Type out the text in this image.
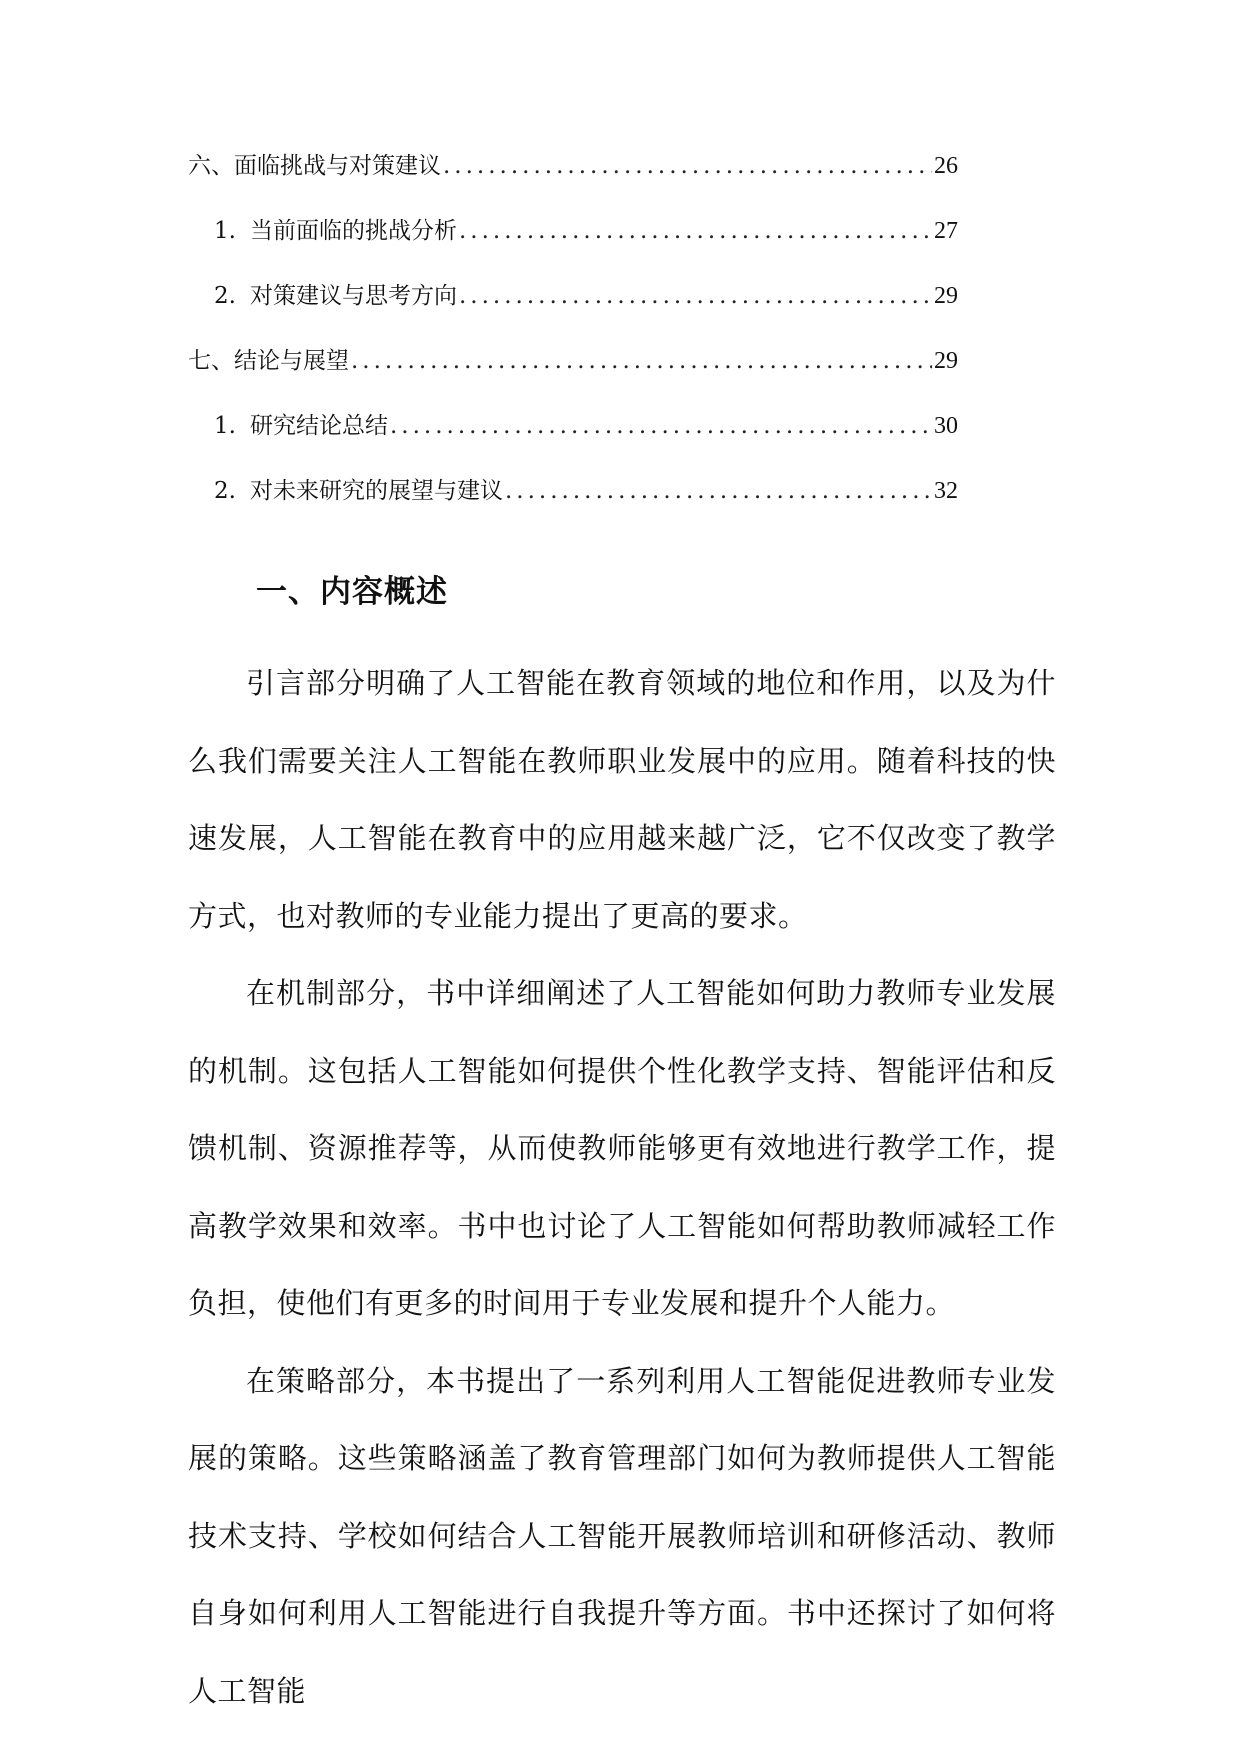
六、面临挑战与对策建议 .....	26
1. 当前面临的挑战分析 .....	27
2. 对策建议与思考方向 .....	29
七、结论与展望 .....	29
1. 研究结论总结 .....	30
2. 对未来研究的展望与建议 .....	32
一、内容概述

引言部分明确了人工智能在教育领域的地位和作用，以及为什么我们需要关注人工智能在教师职业发展中的应用。随着科技的快速发展，人工智能在教育中的应用越来越广泛，它不仅改变了教学方式，也对教师的专业能力提出了更高的要求。

在机制部分，书中详细阐述了人工智能如何助力教师专业发展的机制。这包括人工智能如何提供个性化教学支持、智能评估和反馈机制、资源推荐等，从而使教师能够更有效地进行教学工作，提高教学效果和效率。书中也讨论了人工智能如何帮助教师减轻工作负担，使他们有更多的时间用于专业发展和提升个人能力。

在策略部分，本书提出了一系列利用人工智能促进教师专业发展的策略。这些策略涵盖了教育管理部门如何为教师提供人工智能技术支持、学校如何结合人工智能开展教师培训和研修活动、教师自身如何利用人工智能进行自我提升等方面。书中还探讨了如何将人工智能
